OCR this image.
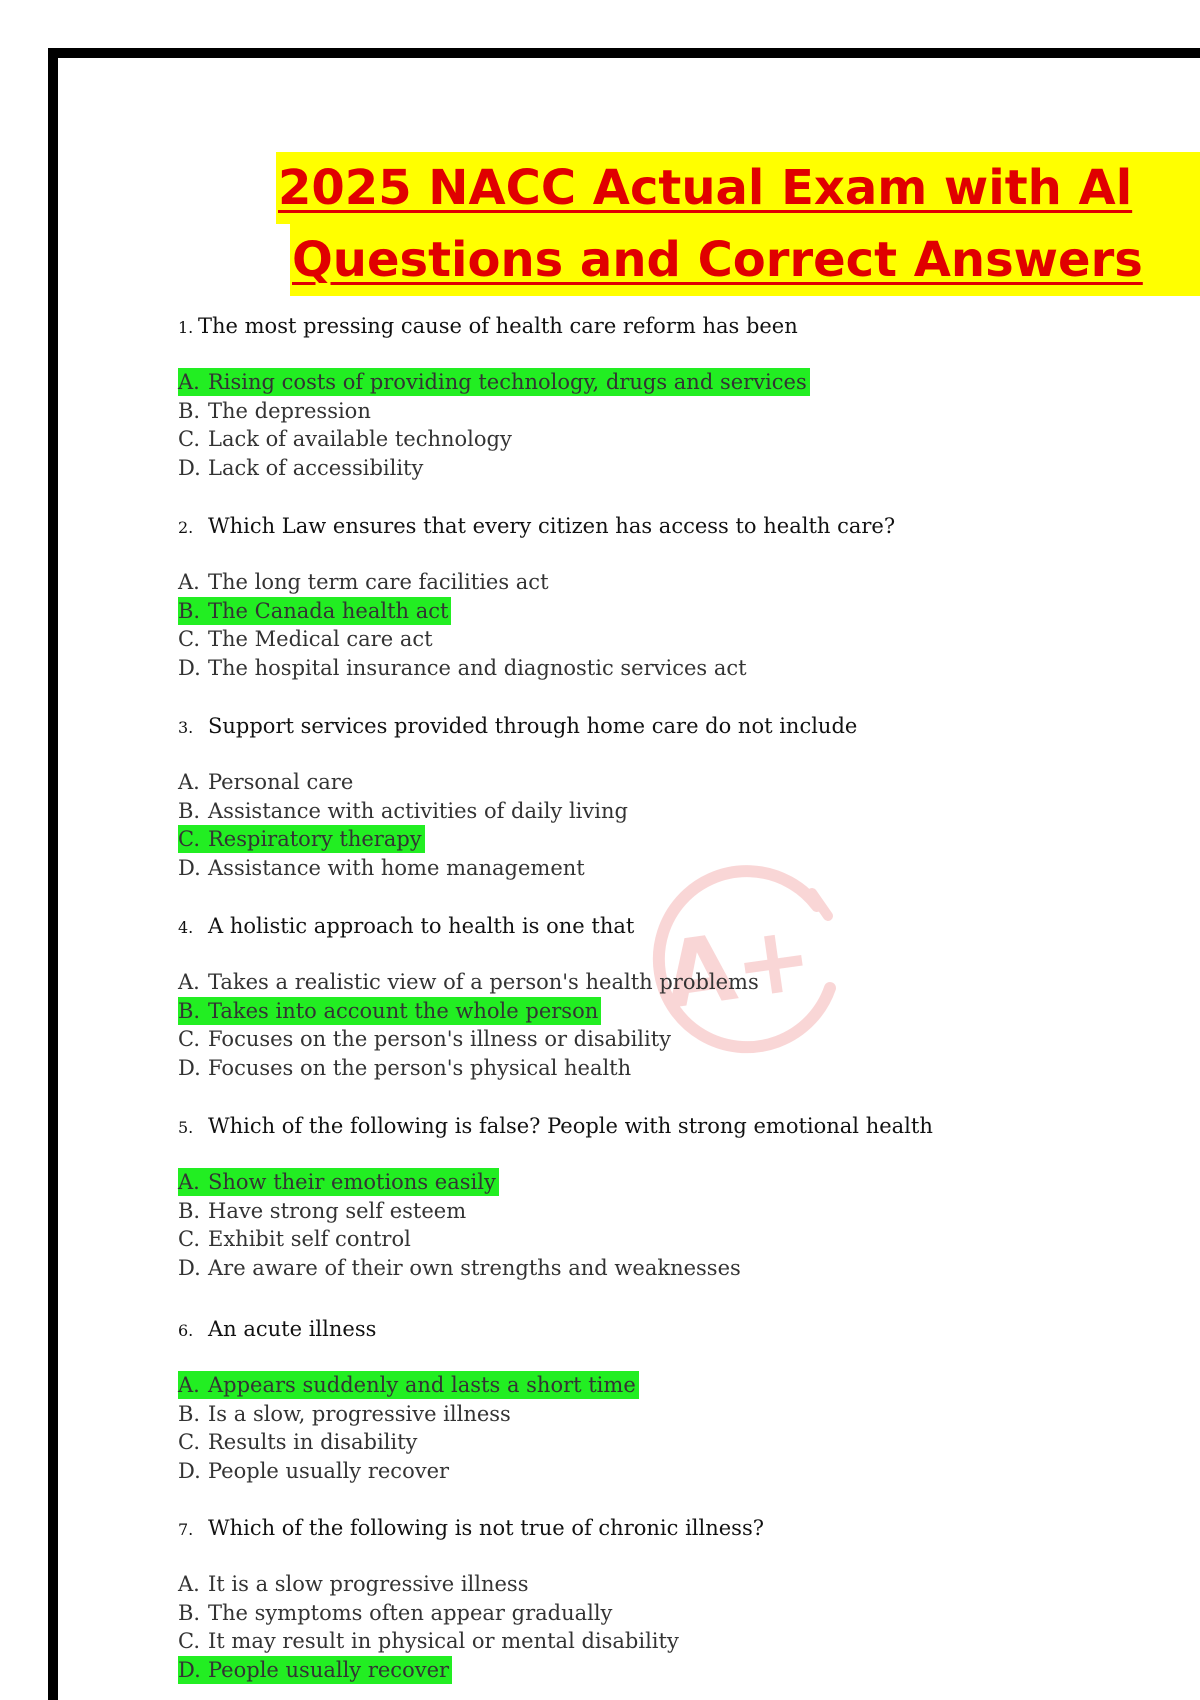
2025 NACC Actual Exam with Al
Questions and Correct Answers
A+
1. The most pressing cause of health care reform has been
A. Rising costs of providing technology, drugs and services
B. The depression
C. Lack of available technology
D. Lack of accessibility
2. Which Law ensures that every citizen has access to health care?
A. The long term care facilities act
B. The Canada health act
C. The Medical care act
D. The hospital insurance and diagnostic services act
3. Support services provided through home care do not include
A. Personal care
B. Assistance with activities of daily living
C. Respiratory therapy
D. Assistance with home management
4. A holistic approach to health is one that
A. Takes a realistic view of a person's health problems
B. Takes into account the whole person
C. Focuses on the person's illness or disability
D. Focuses on the person's physical health
5. Which of the following is false? People with strong emotional health
A. Show their emotions easily
B. Have strong self esteem
C. Exhibit self control
D. Are aware of their own strengths and weaknesses
6. An acute illness
A. Appears suddenly and lasts a short time
B. Is a slow, progressive illness
C. Results in disability
D. People usually recover
7. Which of the following is not true of chronic illness?
A. It is a slow progressive illness
B. The symptoms often appear gradually
C. It may result in physical or mental disability
D. People usually recover
